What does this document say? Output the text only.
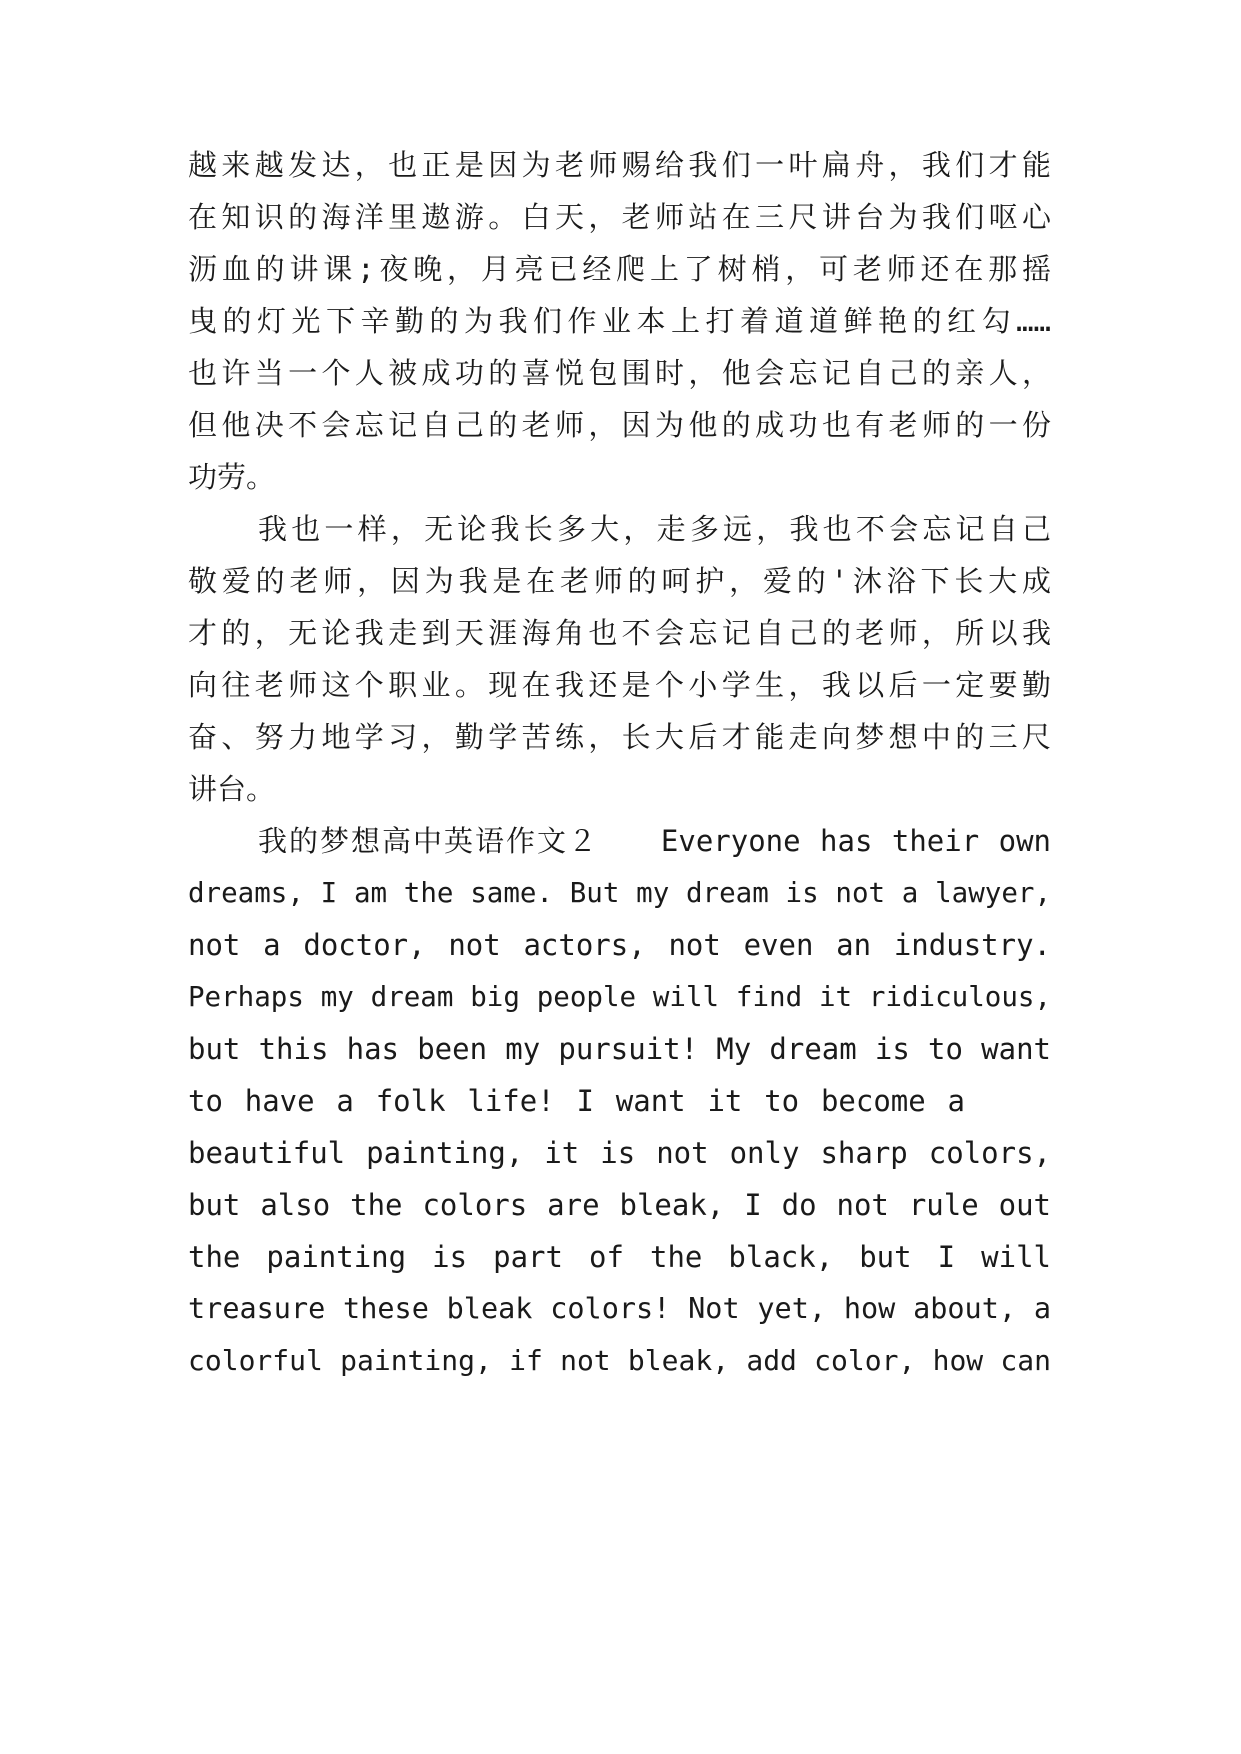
越来越发达，也正是因为老师赐给我们一叶扁舟，我们才能
在知识的海洋里遨游。白天，老师站在三尺讲台为我们呕心
沥血的讲课;夜晚，月亮已经爬上了树梢，可老师还在那摇
曳的灯光下辛勤的为我们作业本上打着道道鲜艳的红勾……
也许当一个人被成功的喜悦包围时，他会忘记自己的亲人，
但他决不会忘记自己的老师，因为他的成功也有老师的一份
功劳。
我也一样，无论我长多大，走多远，我也不会忘记自己
敬爱的老师，因为我是在老师的呵护，爱的'沐浴下长大成
才的，无论我走到天涯海角也不会忘记自己的老师，所以我
向往老师这个职业。现在我还是个小学生，我以后一定要勤
奋、努力地学习，勤学苦练，长大后才能走向梦想中的三尺
讲台。
我的梦想高中英语作文２　　Everyone has their own
dreams, I am the same. But my dream is not a lawyer,
not a doctor, not actors, not even an industry.
Perhaps my dream big people will find it ridiculous,
but this has been my pursuit! My dream is to want
to have a folk life! I want it to become a
beautiful painting, it is not only sharp colors,
but also the colors are bleak, I do not rule out
the painting is part of the black, but I will
treasure these bleak colors! Not yet, how about, a
colorful painting, if not bleak, add color, how can
